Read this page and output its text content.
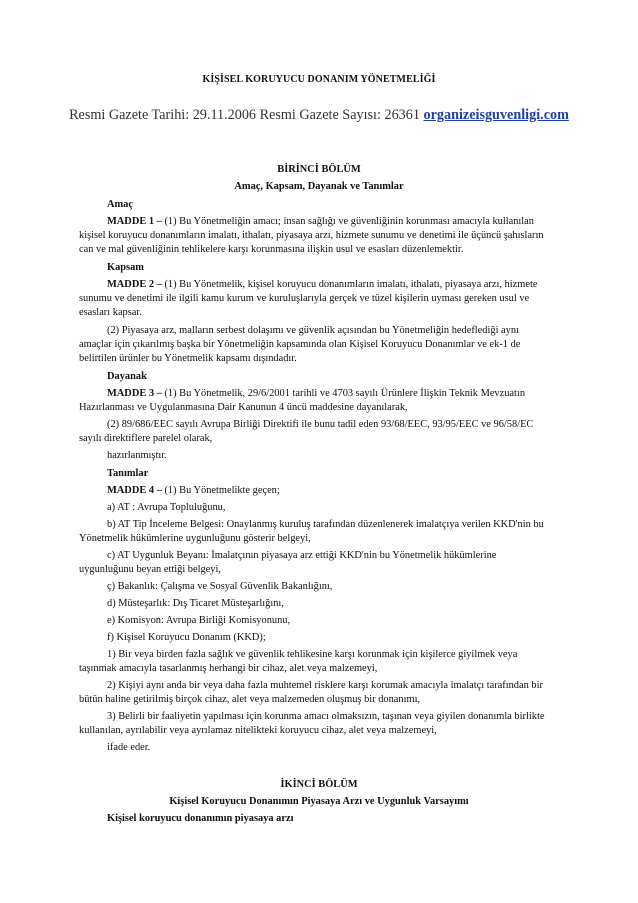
KİŞİSEL KORUYUCU DONANIM YÖNETMELİĞİ
Resmi Gazete Tarihi: 29.11.2006 Resmi Gazete Sayısı: 26361 organizeisguvenligi.com
BİRİNCİ BÖLÜM
Amaç, Kapsam, Dayanak ve Tanımlar
Amaç
MADDE 1 – (1) Bu Yönetmeliğin amacı; insan sağlığı ve güvenliğinin korunması amacıyla kullanılan
kişisel koruyucu donanımların imalatı, ithalatı, piyasaya arzı, hizmete sunumu ve denetimi ile üçüncü şahısların
can ve mal güvenliğinin tehlikelere karşı korunmasına ilişkin usul ve esasları düzenlemektir.
Kapsam
MADDE 2 – (1) Bu Yönetmelik, kişisel koruyucu donanımların imalatı, ithalatı, piyasaya arzı, hizmete
sunumu ve denetimi ile ilgili kamu kurum ve kuruluşlarıyla gerçek ve tüzel kişilerin uyması gereken usul ve
esasları kapsar.
(2) Piyasaya arz, malların serbest dolaşımı ve güvenlik açısından bu Yönetmeliğin hedeflediği aynı
amaçlar için çıkarılmış başka bir Yönetmeliğin kapsamında olan Kişisel Koruyucu Donanımlar ve ek-1 de
belirtilen ürünler bu Yönetmelik kapsamı dışındadır.
Dayanak
MADDE 3 – (1) Bu Yönetmelik, 29/6/2001 tarihli ve 4703 sayılı Ürünlere İlişkin Teknik Mevzuatın
Hazırlanması ve Uygulanmasına Dair Kanunun 4 üncü maddesine dayanılarak,
(2) 89/686/EEC sayılı Avrupa Birliği Direktifi ile bunu tadil eden 93/68/EEC, 93/95/EEC ve 96/58/EC
sayılı direktiflere parelel olarak,
hazırlanmıştır.
Tanımlar
MADDE 4 – (1) Bu Yönetmelikte geçen;
a) AT : Avrupa Topluluğunu,
b) AT Tip İnceleme Belgesi: Onaylanmış kuruluş tarafından düzenlenerek imalatçıya verilen KKD'nin bu
Yönetmelik hükümlerine uygunluğunu gösterir belgeyi,
c) AT Uygunluk Beyanı: İmalatçının piyasaya arz ettiği KKD'nin bu Yönetmelik hükümlerine
uygunluğunu beyan ettiği belgeyi,
ç) Bakanlık: Çalışma ve Sosyal Güvenlik Bakanlığını,
d) Müsteşarlık: Dış Ticaret Müsteşarlığını,
e) Komisyon: Avrupa Birliği Komisyonunu,
f) Kişisel Koruyucu Donanım (KKD);
1) Bir veya birden fazla sağlık ve güvenlik tehlikesine karşı korunmak için kişilerce giyilmek veya
taşınmak amacıyla tasarlanmış herhangi bir cihaz, alet veya malzemeyi,
2) Kişiyi aynı anda bir veya daha fazla muhtemel risklere karşı korumak amacıyla imalatçı tarafından bir
bütün haline getirilmiş birçok cihaz, alet veya malzemeden oluşmuş bir donanımı,
3) Belirli bir faaliyetin yapılması için korunma amacı olmaksızın, taşınan veya giyilen donanımla birlikte
kullanılan, ayrılabilir veya ayrılamaz nitelikteki koruyucu cihaz, alet veya malzemeyi,
ifade eder.
İKİNCİ BÖLÜM
Kişisel Koruyucu Donanımın Piyasaya Arzı ve Uygunluk Varsayımı
Kişisel koruyucu donanımın piyasaya arzı
